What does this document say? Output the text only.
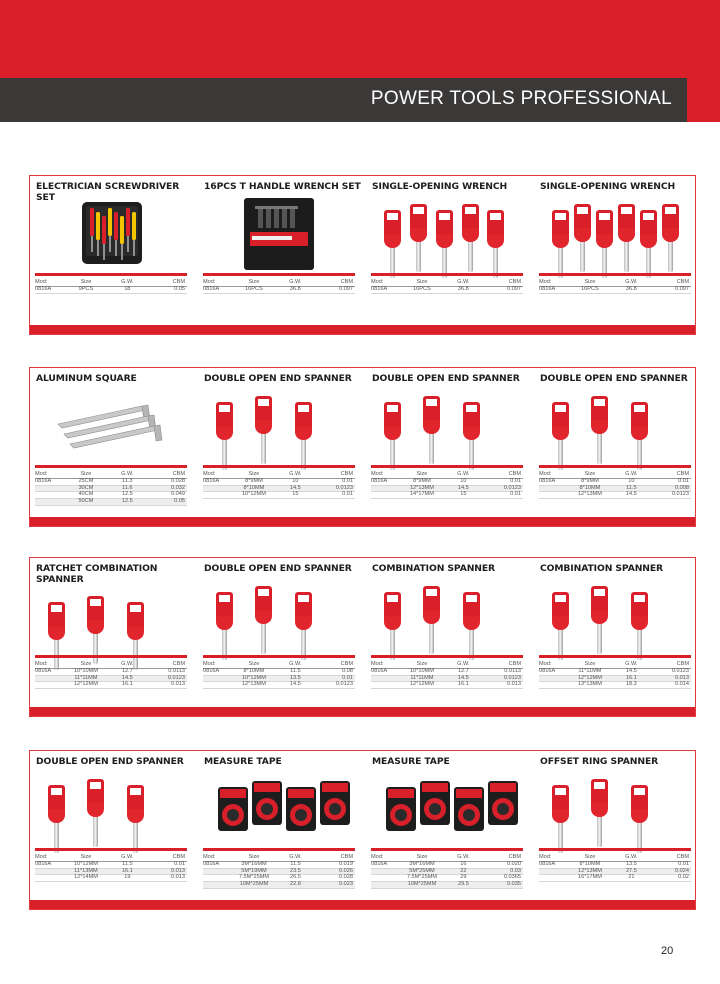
POWER TOOLS PROFESSIONAL
ELECTRICIAN SCREWDRIVER SET
Mod:	Size	G.W.	CBM
0816A	9PCS	18	0.05
16PCS T HANDLE WRENCH SET
Mod:	Size	G.W.	CBM
0816A	16PCS	36.8	0.097
SINGLE-OPENING WRENCH
Mod:	Size	G.W.	CBM
0816A	16PCS	36.8	0.097
SINGLE-OPENING WRENCH
Mod:	Size	G.W.	CBM
0816A	16PCS	36.8	0.097
ALUMINUM SQUARE
Mod:	Size	G.W.	CBM
0816A	25CM	11.3	0.028
	30CM	11.6	0.032
	40CM	12.5	0.049
	50CM	12.5	0.05
DOUBLE OPEN END SPANNER
Mod:	Size	G.W.	CBM
0816A	8*9MM	10	0.01
	8*10MM	14.5	0.0123
	10*12MM	15	0.01
DOUBLE OPEN END SPANNER
Mod:	Size	G.W.	CBM
0816A	8*9MM	10	0.01
	12*13MM	14.5	0.0123
	14*17MM	15	0.01
DOUBLE OPEN END SPANNER
Mod:	Size	G.W.	CBM
0816A	8*9MM	10	0.01
	8*10MM	11.5	0.008
	12*13MM	14.5	0.0123
RATCHET COMBINATION SPANNER
Mod:	Size	G.W.	CBM
0816A	10*10MM	12.7	0.0113
	11*11MM	14.5	0.0123
	12*12MM	16.1	0.013
DOUBLE OPEN END SPANNER
Mod:	Size	G.W.	CBM
0816A	8*10MM	11.5	0.08
	10*12MM	13.5	0.01
	12*13MM	14.5	0.0123
COMBINATION SPANNER
Mod:	Size	G.W.	CBM
0816A	10*10MM	12.7	0.0113
	11*11MM	14.5	0.0123
	12*12MM	16.1	0.013
COMBINATION SPANNER
Mod:	Size	G.W.	CBM
0816A	11*11MM	14.5	0.0123
	12*12MM	16.1	0.013
	13*13MM	18.3	0.014
DOUBLE OPEN END SPANNER
Mod:	Size	G.W.	CBM
0816A	10*12MM	11.5	0.01
	11*13MM	16.1	0.013
	12*14MM	19	0.013
MEASURE TAPE
Mod:	Size	G.W.	CBM
0816A	3M*16MM	11.5	0.019
	5M*19MM	23.5	0.026
	7.5M*25MM	26.5	0.028
	10M*25MM	22.8	0.023
MEASURE TAPE
Mod:	Size	G.W.	CBM
0816A	3M*16MM	16	0.020
	5M*25MM	22	0.03
	7.5M*25MM	29	0.0365
	10M*25MM	29.5	0.035
OFFSET RING SPANNER
Mod:	Size	G.W.	CBM
0816A	8*10MM	13.5	0.01
	12*13MM	27.5	0.024
	16*17MM	21	0.02
20
